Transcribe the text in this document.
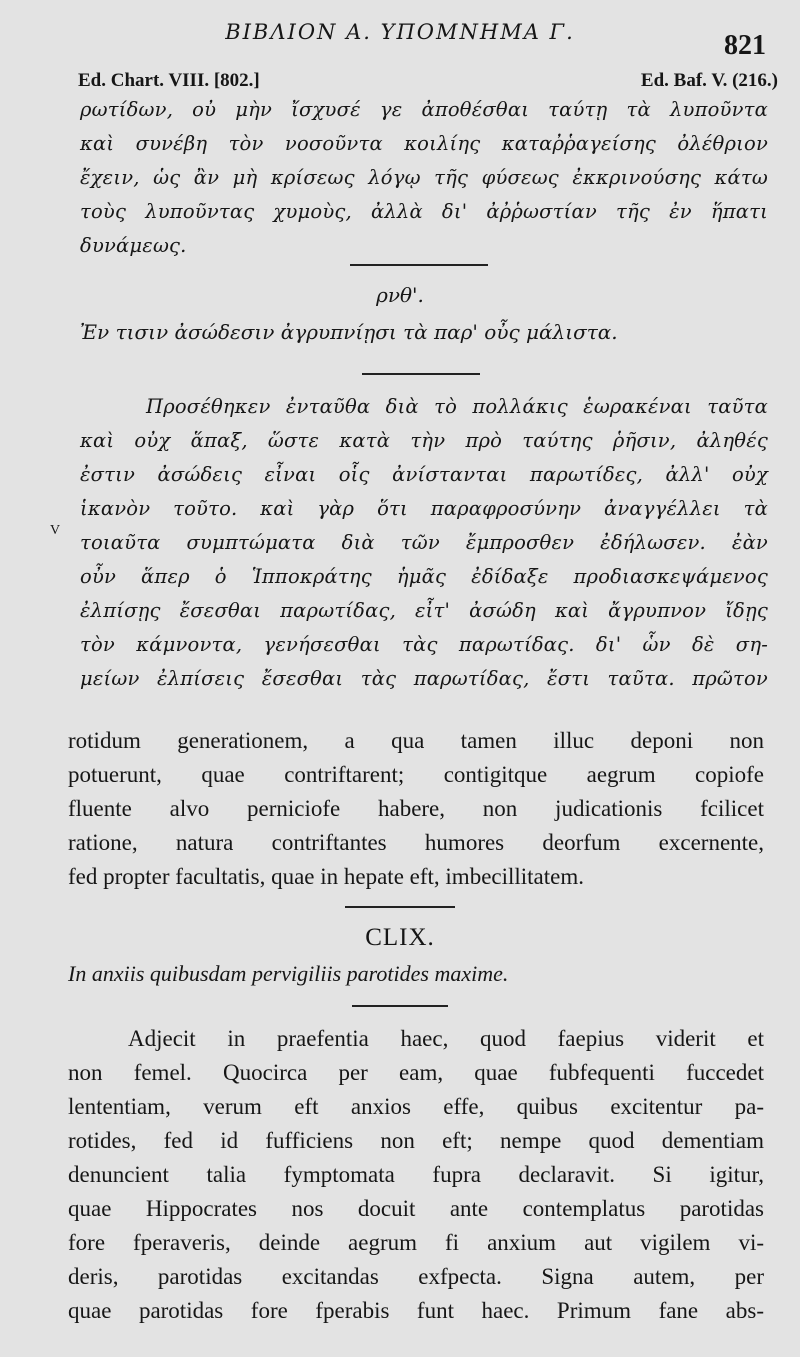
ΒΙΒΛΙΟΝ Α. ΥΠΟΜΝΗΜΑ Γ.	821
Ed. Chart. VIII. [802.]	Ed. Baf. V. (216.)
ρωτίδων, οὐ μὴν ἴσχυσέ γε ἀποθέσθαι ταύτῃ τὰ λυποῦντα
καὶ συνέβη τὸν νοσοῦντα κοιλίης καταῤῥαγείσης ὀλέθριον
ἔχειν, ὡς ἂν μὴ κρίσεως λόγῳ τῆς φύσεως ἐκκρινούσης κάτω
τοὺς λυποῦντας χυμοὺς, ἀλλὰ δι' ἀῤῥωστίαν τῆς ἐν ἥπατι
δυνάμεως.
ρνθ'.
Ἐν τισιν ἀσώδεσιν ἀγρυπνίῃσι τὰ παρ' οὖς μάλιστα.
V
Προσέθηκεν ἐνταῦθα διὰ τὸ πολλάκις ἑωρακέναι ταῦτα
καὶ οὐχ ἅπαξ, ὥστε κατὰ τὴν πρὸ ταύτης ῥῆσιν, ἀληθές
ἐστιν ἀσώδεις εἶναι οἷς ἀνίστανται παρωτίδες, ἀλλ' οὐχ
ἱκανὸν τοῦτο. καὶ γὰρ ὅτι παραφροσύνην ἀναγγέλλει τὰ
τοιαῦτα συμπτώματα διὰ τῶν ἔμπροσθεν ἐδήλωσεν. ἐὰν
οὖν ἅπερ ὁ Ἱπποκράτης ἡμᾶς ἐδίδαξε προδιασκεψάμενος
ἐλπίσῃς ἔσεσθαι παρωτίδας, εἶτ' ἀσώδη καὶ ἄγρυπνον ἴδῃς
τὸν κάμνοντα, γενήσεσθαι τὰς παρωτίδας. δι' ὧν δὲ ση-
μείων ἐλπίσεις ἔσεσθαι τὰς παρωτίδας, ἔστι ταῦτα. πρῶτον
rotidum generationem, a qua tamen illuc deponi non
potuerunt, quae contriftarent; contigitque aegrum copiofe
fluente alvo perniciofe habere, non judicationis fcilicet
ratione, natura contriftantes humores deorfum excernente,
fed propter facultatis, quae in hepate eft, imbecillitatem.
CLIX.
In anxiis quibusdam pervigiliis parotides maxime.
Adjecit in praefentia haec, quod faepius viderit et
non femel. Quocirca per eam, quae fubfequenti fuccedet
lententiam, verum eft anxios effe, quibus excitentur pa-
rotides, fed id fufficiens non eft; nempe quod dementiam
denuncient talia fymptomata fupra declaravit. Si igitur,
quae Hippocrates nos docuit ante contemplatus parotidas
fore fperaveris, deinde aegrum fi anxium aut vigilem vi-
deris, parotidas excitandas exfpecta. Signa autem, per
quae parotidas fore fperabis funt haec. Primum fane abs-
